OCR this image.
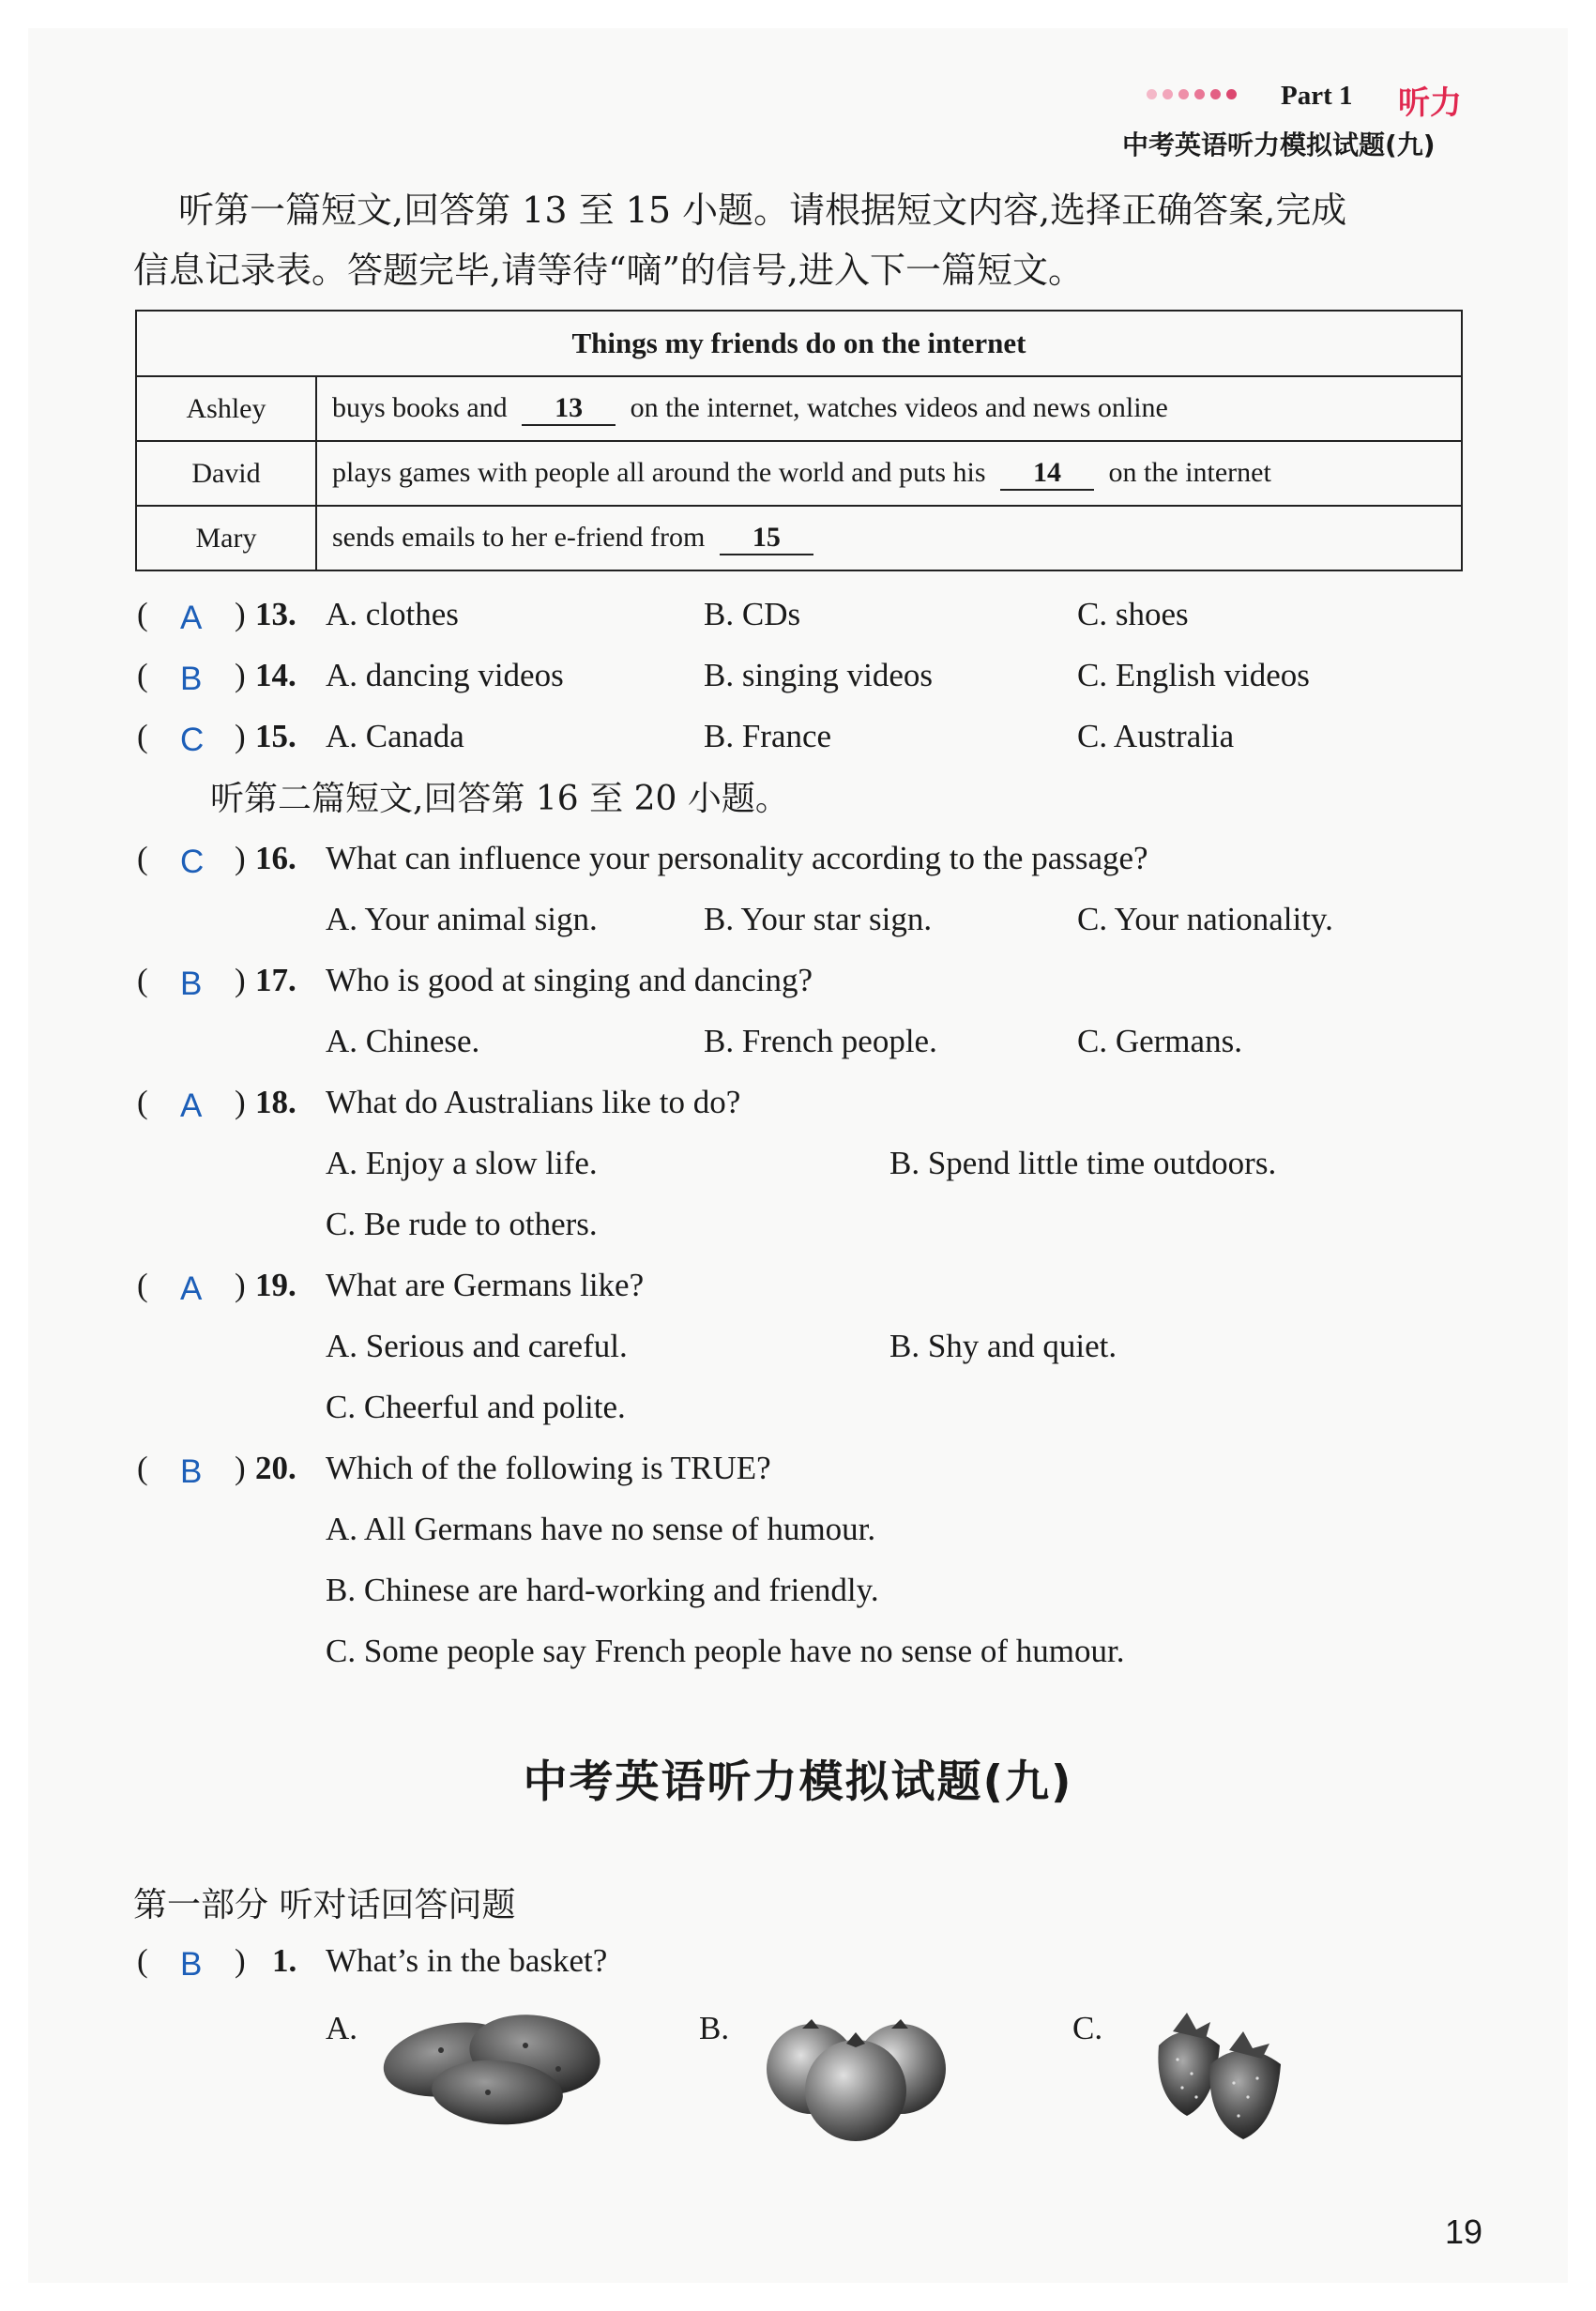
Part 1 听力
中考英语听力模拟试题(九)
听第一篇短文,回答第 13 至 15 小题。请根据短文内容,选择正确答案,完成
信息记录表。答题完毕,请等待“嘀”的信号,进入下一篇短文。
Things my friends do on the internet	
Ashley	buys books and 13 on the internet, watches videos and news online
David	plays games with people all around the world and puts his 14 on the internet
Mary	sends emails to her e-friend from 15
( A ) 13. A. clothes	B. CDs	C. shoes
( B ) 14. A. dancing videos	B. singing videos	C. English videos
( C ) 15. A. Canada	B. France	C. Australia
听第二篇短文,回答第 16 至 20 小题。
( C ) 16. What can influence your personality according to the passage?
A. Your animal sign.	B. Your star sign.	C. Your nationality.
( B ) 17. Who is good at singing and dancing?
A. Chinese.	B. French people.	C. Germans.
( A ) 18. What do Australians like to do?
A. Enjoy a slow life.	B. Spend little time outdoors.
C. Be rude to others.
( A ) 19. What are Germans like?
A. Serious and careful.	B. Shy and quiet.
C. Cheerful and polite.
( B ) 20. Which of the following is TRUE?
A. All Germans have no sense of humour.
B. Chinese are hard-working and friendly.
C. Some people say French people have no sense of humour.
中考英语听力模拟试题(九)
第一部分 听对话回答问题
( B ) 1. What’s in the basket?
A.	B.	C.
19
